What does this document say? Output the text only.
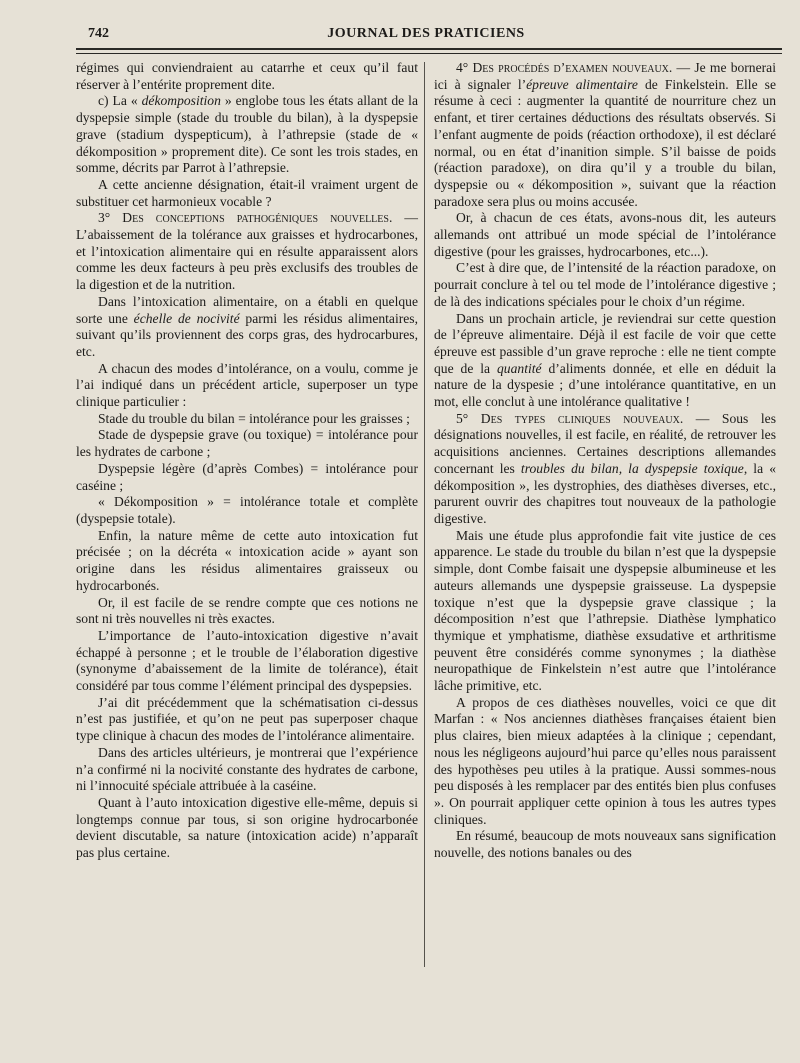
742	JOURNAL DES PRATICIENS

régimes qui conviendraient au catarrhe et ceux qu’il faut réserver à l’entérite proprement dite.

c) La « dékomposition » englobe tous les états allant de la dyspepsie simple (stade du trouble du bilan), à la dyspepsie grave (stadium dyspepticum), à l’athrepsie (stade de « dékomposition » proprement dite). Ce sont les trois stades, en somme, décrits par Parrot à l’athrepsie.

A cette ancienne désignation, était-il vraiment urgent de substituer cet harmonieux vocable ?

3° Des conceptions pathogéniques nouvelles. — L’abaissement de la tolérance aux graisses et hydrocarbones, et l’intoxication alimentaire qui en résulte apparaissent alors comme les deux facteurs à peu près exclusifs des troubles de la digestion et de la nutrition.

Dans l’intoxication alimentaire, on a établi en quelque sorte une échelle de nocivité parmi les résidus alimentaires, suivant qu’ils proviennent des corps gras, des hydrocarbures, etc.

A chacun des modes d’intolérance, on a voulu, comme je l’ai indiqué dans un précédent article, superposer un type clinique particulier :

Stade du trouble du bilan = intolérance pour les graisses ;

Stade de dyspepsie grave (ou toxique) = intolérance pour les hydrates de carbone ;

Dyspepsie légère (d’après Combes) = intolérance pour caséine ;

« Dékomposition » = intolérance totale et complète (dyspepsie totale).

Enfin, la nature même de cette auto intoxication fut précisée ; on la décréta « intoxication acide » ayant son origine dans les résidus alimentaires graisseux ou hydrocarbonés.

Or, il est facile de se rendre compte que ces notions ne sont ni très nouvelles ni très exactes.

L’importance de l’auto-intoxication digestive n’avait échappé à personne ; et le trouble de l’élaboration digestive (synonyme d’abaissement de la limite de tolérance), était considéré par tous comme l’élément principal des dyspepsies.

J’ai dit précédemment que la schématisation ci-dessus n’est pas justifiée, et qu’on ne peut pas superposer chaque type clinique à chacun des modes de l’intolérance alimentaire.

Dans des articles ultérieurs, je montrerai que l’expérience n’a confirmé ni la nocivité constante des hydrates de carbone, ni l’innocuité spéciale attribuée à la caséine.

Quant à l’auto intoxication digestive elle-même, depuis si longtemps connue par tous, si son origine hydrocarbonée devient discutable, sa nature (intoxication acide) n’apparaît pas plus certaine.

4° Des procédés d’examen nouveaux. — Je me bornerai ici à signaler l’épreuve alimentaire de Finkelstein. Elle se résume à ceci : augmenter la quantité de nourriture chez un enfant, et tirer certaines déductions des résultats observés. Si l’enfant augmente de poids (réaction orthodoxe), il est déclaré normal, ou en état d’inanition simple. S’il baisse de poids (réaction paradoxe), on dira qu’il y a trouble du bilan, dyspepsie ou « dékomposition », suivant que la réaction paradoxe sera plus ou moins accusée.

Or, à chacun de ces états, avons-nous dit, les auteurs allemands ont attribué un mode spécial de l’intolérance digestive (pour les graisses, hydrocarbones, etc...).

C’est à dire que, de l’intensité de la réaction paradoxe, on pourrait conclure à tel ou tel mode de l’intolérance digestive ; de là des indications spéciales pour le choix d’un régime.

Dans un prochain article, je reviendrai sur cette question de l’épreuve alimentaire. Déjà il est facile de voir que cette épreuve est passible d’un grave reproche : elle ne tient compte que de la quantité d’aliments donnée, et elle en déduit la nature de la dyspesie ; d’une intolérance quantitative, en un mot, elle conclut à une intolérance qualitative !

5° Des types cliniques nouveaux. — Sous les désignations nouvelles, il est facile, en réalité, de retrouver les acquisitions anciennes. Certaines descriptions allemandes concernant les troubles du bilan, la dyspepsie toxique, la « dékomposition », les dystrophies, des diathèses diverses, etc., parurent ouvrir des chapitres tout nouveaux de la pathologie digestive.

Mais une étude plus approfondie fait vite justice de ces apparence. Le stade du trouble du bilan n’est que la dyspepsie simple, dont Combe faisait une dyspepsie albumineuse et les auteurs allemands une dyspepsie graisseuse. La dyspepsie toxique n’est que la dyspepsie grave classique ; la décomposition n’est que l’athrepsie. Diathèse lymphatico thymique et ymphatisme, diathèse exsudative et arthritisme peuvent être considérés comme synonymes ; la diathèse neuropathique de Finkelstein n’est autre que l’intolérance lâche primitive, etc.

A propos de ces diathèses nouvelles, voici ce que dit Marfan : « Nos anciennes diathèses françaises étaient bien plus claires, bien mieux adaptées à la clinique ; cependant, nous les négligeons aujourd’hui parce qu’elles nous paraissent des hypothèses peu utiles à la pratique. Aussi sommes-nous peu disposés à les remplacer par des entités bien plus confuses ». On pourrait appliquer cette opinion à tous les autres types cliniques.

En résumé, beaucoup de mots nouveaux sans signification nouvelle, des notions banales ou des
